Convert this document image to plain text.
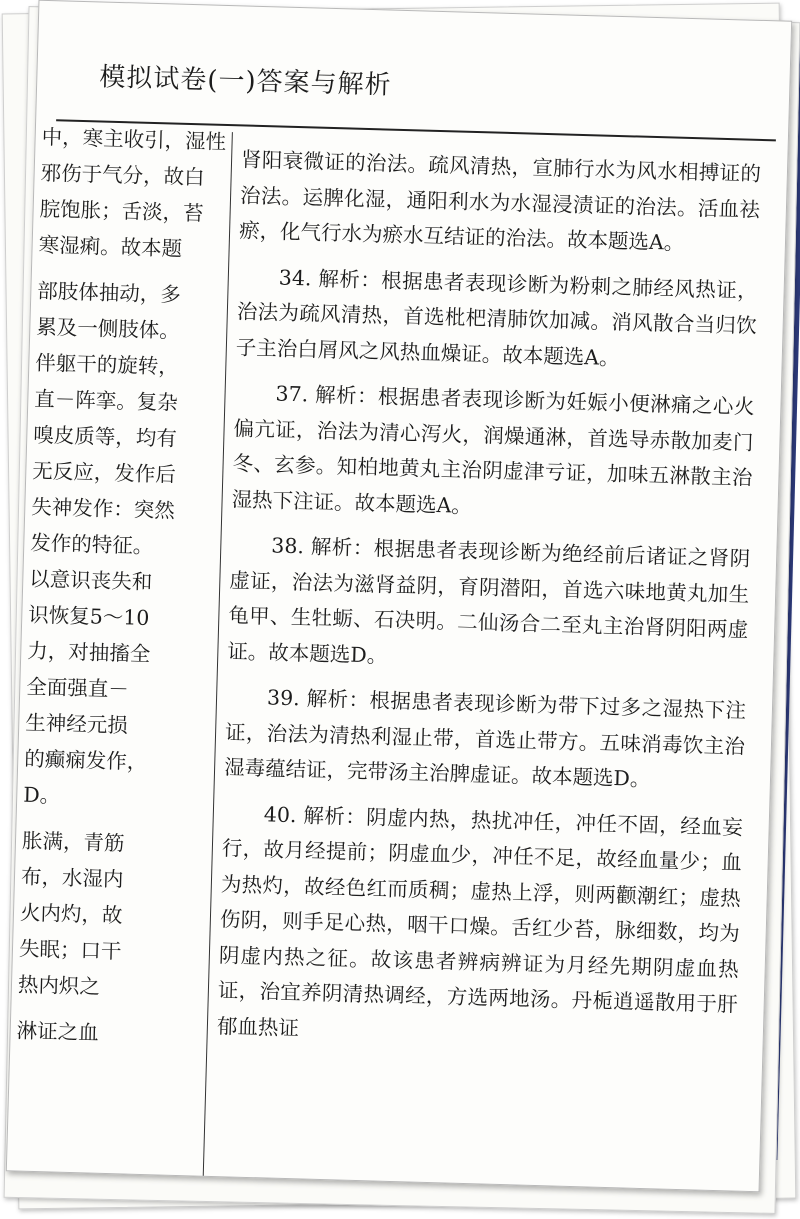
模拟试卷(一)答案与解析
中，寒主收引，湿性
邪伤于气分，故白
脘饱胀；舌淡，苔
寒湿痢。故本题
部肢体抽动，多
累及一侧肢体。
伴躯干的旋转，
直－阵挛。复杂
嗅皮质等，均有
无反应，发作后
失神发作：突然
发作的特征。
以意识丧失和
识恢复5～10
力，对抽搐全
全面强直－
生神经元损
的癫痫发作，
D。
胀满，青筋
布，水湿内
火内灼，故
失眠；口干
热内炽之
淋证之血

肾阳衰微证的治法。疏风清热，宣肺行水为风水相搏证的治法。运脾化湿，通阳利水为水湿浸渍证的治法。活血祛瘀，化气行水为瘀水互结证的治法。故本题选A。

34. 解析：根据患者表现诊断为粉刺之肺经风热证，治法为疏风清热，首选枇杷清肺饮加减。消风散合当归饮子主治白屑风之风热血燥证。故本题选A。

37. 解析：根据患者表现诊断为妊娠小便淋痛之心火偏亢证，治法为清心泻火，润燥通淋，首选导赤散加麦门冬、玄参。知柏地黄丸主治阴虚津亏证，加味五淋散主治湿热下注证。故本题选A。

38. 解析：根据患者表现诊断为绝经前后诸证之肾阴虚证，治法为滋肾益阴，育阴潜阳，首选六味地黄丸加生龟甲、生牡蛎、石决明。二仙汤合二至丸主治肾阴阳两虚证。故本题选D。

39. 解析：根据患者表现诊断为带下过多之湿热下注证，治法为清热利湿止带，首选止带方。五味消毒饮主治湿毒蕴结证，完带汤主治脾虚证。故本题选D。

40. 解析：阴虚内热，热扰冲任，冲任不固，经血妄行，故月经提前；阴虚血少，冲任不足，故经血量少；血为热灼，故经色红而质稠；虚热上浮，则两颧潮红；虚热伤阴，则手足心热，咽干口燥。舌红少苔，脉细数，均为阴虚内热之征。故该患者辨病辨证为月经先期阴虚血热证，治宜养阴清热调经，方选两地汤。丹栀逍遥散用于肝郁血热证
